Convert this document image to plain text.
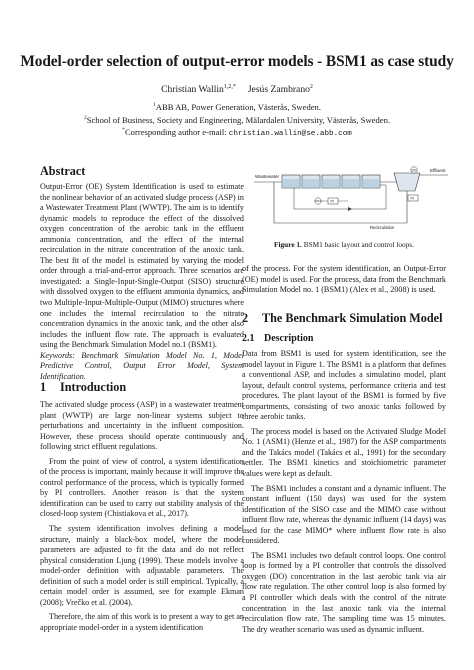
Model-order selection of output-error models - BSM1 as case study
Christian Wallin$^{1,2,*}$ Jesús Zambrano$^2$
$^1$ABB AB, Power Generation, Västerås, Sweden.
$^2$School of Business, Society and Engineering, Mälardalen University, Västerås, Sweden.
*Corresponding author e-mail: christian.wallin@se.abb.com
Abstract

Output-Error (OE) System Identification is used to estimate the nonlinear behavior of an activated sludge process (ASP) in a Wastewater Treatment Plant (WWTP). The aim is to identify dynamic models to reproduce the effect of the dissolved oxygen concentration of the aerobic tank in the effluent ammonia concentration, and the effect of the internal recirculation in the nitrate concentration of the anoxic tank. The best fit of the model is estimated by varying the model order through a trial-and-error approach. Three scenarios are investigated: a Single-Input-Single-Output (SISO) structure with dissolved oxygen to the effluent ammonia dynamics, and two Multiple-Input-Multiple-Output (MIMO) structures where one includes the internal recirculation to the nitrate concentration dynamics in the anoxic tank, and the other also includes the influent flow rate. The approach is evaluated using the Benchmark Simulation Model no.1 (BSM1).

Keywords: Benchmark Simulation Model No. 1, Model Predictive Control, Output Error Model, System Identification.

1 Introduction

The activated sludge process (ASP) in a wastewater treatment plant (WWTP) are large non-linear systems subject to perturbations and uncertainty in the influent composition. However, these process should operate continuously and following strict effluent regulations.

From the point of view of control, a system identification of the process is important, mainly because it will improve the control performance of the process, which is typically formed by PI controllers. Another reason is that the system identification can be used to carry out stability analysis of the closed-loop system (Chistiakova et al., 2017).

The system identification involves defining a model structure, mainly a black-box model, where the model parameters are adjusted to fit the data and do not reflect physical consideration Ljung (1999). These models involve a model-order definition with adjustable parameters. The definition of such a model order is still empirical. Typically, a certain model order is assumed, see for example Ekman (2008); Vrečko et al. (2004).

Therefore, the aim of this work is to present a way to get an appropriate model-order in a system identification

Wastewater
Effluent
DO
PI
Recirculation
NO3	PI
Figure 1. BSM1 basic layout and control loops.

of the process. For the system identification, an Output-Error (OE) model is used. For the process, data from the Benchmark Simulation Model no. 1 (BSM1) (Alex et al., 2008) is used.

2 The Benchmark Simulation Model
2.1 Description

Data from BSM1 is used for system identification, see the model layout in Figure 1. The BSM1 is a platform that defines a conventional ASP, and includes a simulatino model, plant layout, default control systems, performance criteria and test procedures. The plant layout of the BSM1 is formed by five compartments, consisting of two anoxic tanks followed by three aerobic tanks.

The process model is based on the Activated Sludge Model No. 1 (ASM1) (Henze et al., 1987) for the ASP compartments and the Takács model (Takács et al., 1991) for the secondary settler. The BSM1 kinetics and stoichiometric parameter values were kept as default.

The BSM1 includes a constant and a dynamic influent. The constant influent (150 days) was used for the system identification of the SISO case and the MIMO case without influent flow rate, whereas the dynamic influent (14 days) was used for the case MIMO* where influent flow rate is also considered.

The BSM1 includes two default control loops. One control loop is formed by a PI controller that controls the dissolved oxygen (DO) concentration in the last aerobic tank via air flow rate regulation. The other control loop is also formed by a PI controller which deals with the control of the nitrate concentration in the last anoxic tank via the internal recirculation flow rate. The sampling time was 15 minutes. The dry weather scenario was used as dynamic influent.
